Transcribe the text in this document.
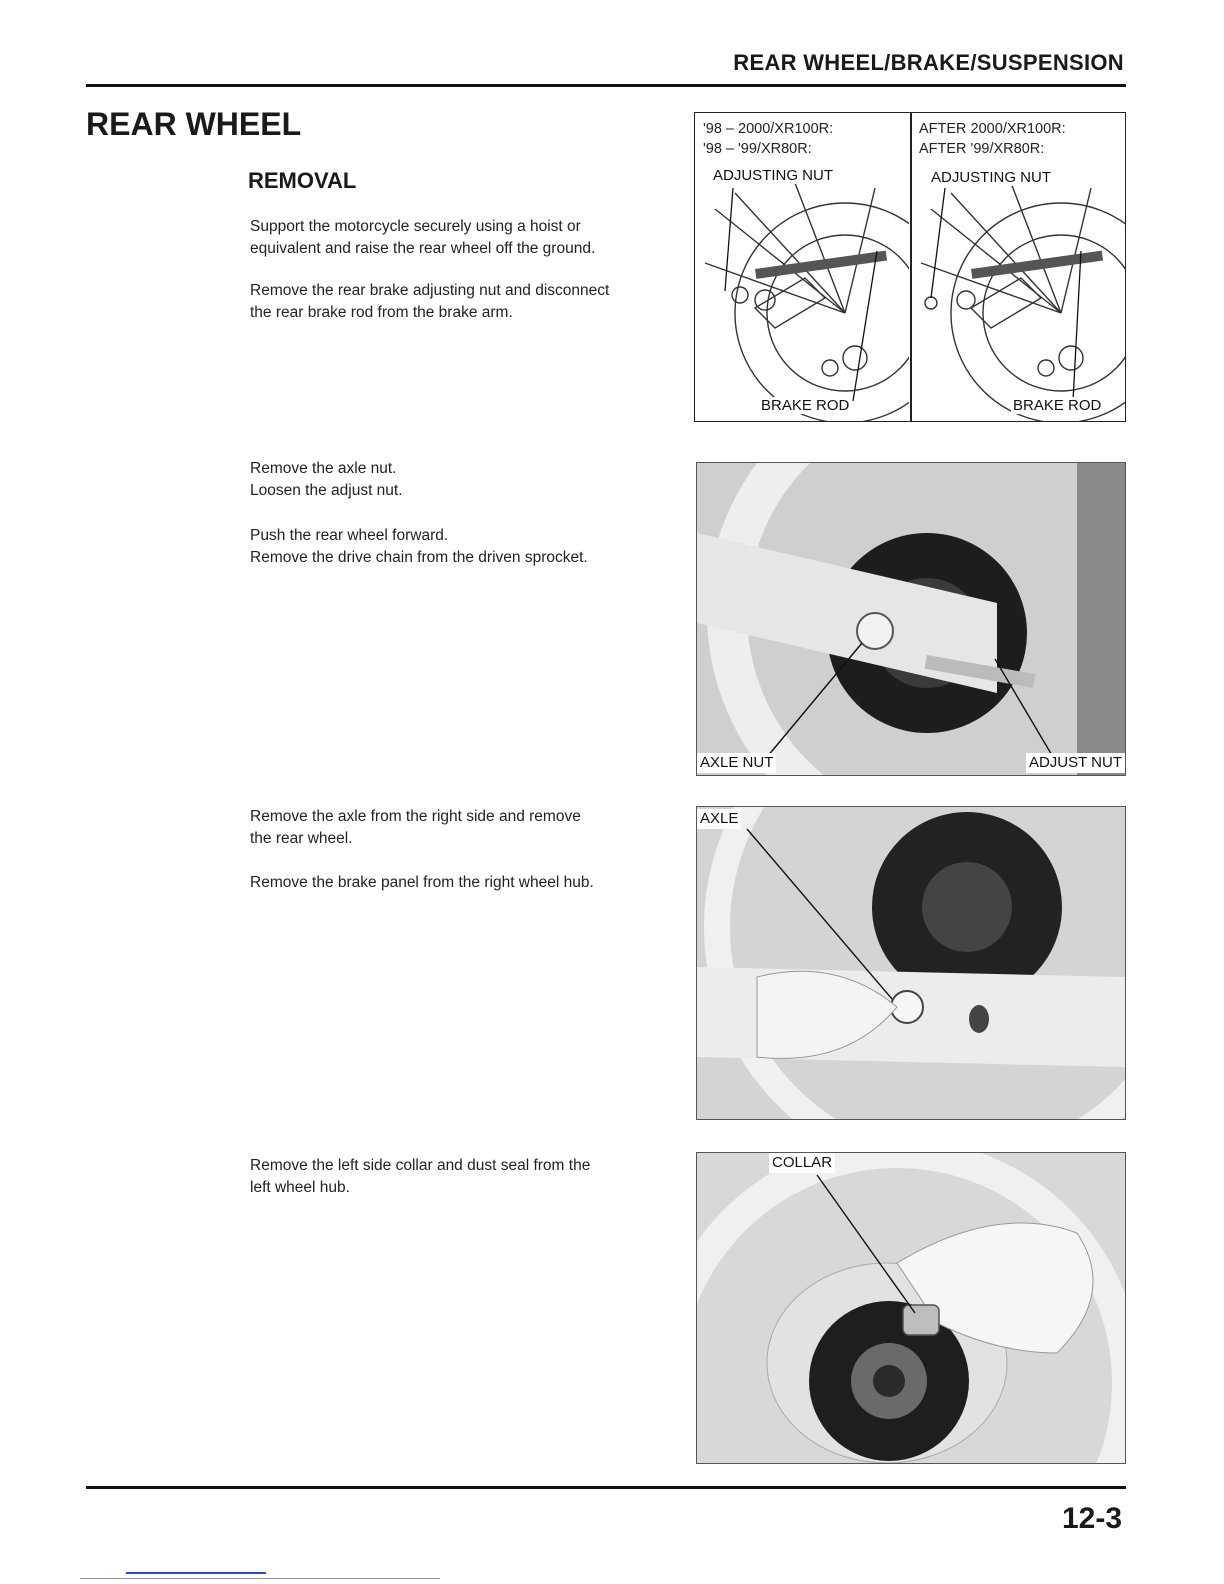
REAR WHEEL/BRAKE/SUSPENSION
REAR WHEEL
REMOVAL

Support the motorcycle securely using a hoist or

equivalent and raise the rear wheel off the ground.

Remove the rear brake adjusting nut and disconnect

the rear brake rod from the brake arm.

Remove the axle nut.

Loosen the adjust nut.

Push the rear wheel forward.

Remove the drive chain from the driven sprocket.

Remove the axle from the right side and remove

the rear wheel.

Remove the brake panel from the right wheel hub.

Remove the left side collar and dust seal from the

left wheel hub.

'98 – 2000/XR100R:
'98 – '99/XR80R:
ADJUSTING NUT
BRAKE ROD
AFTER 2000/XR100R:
AFTER '99/XR80R:
ADJUSTING NUT
BRAKE ROD
AXLE NUT	ADJUST NUT
AXLE
COLLAR
12-3
